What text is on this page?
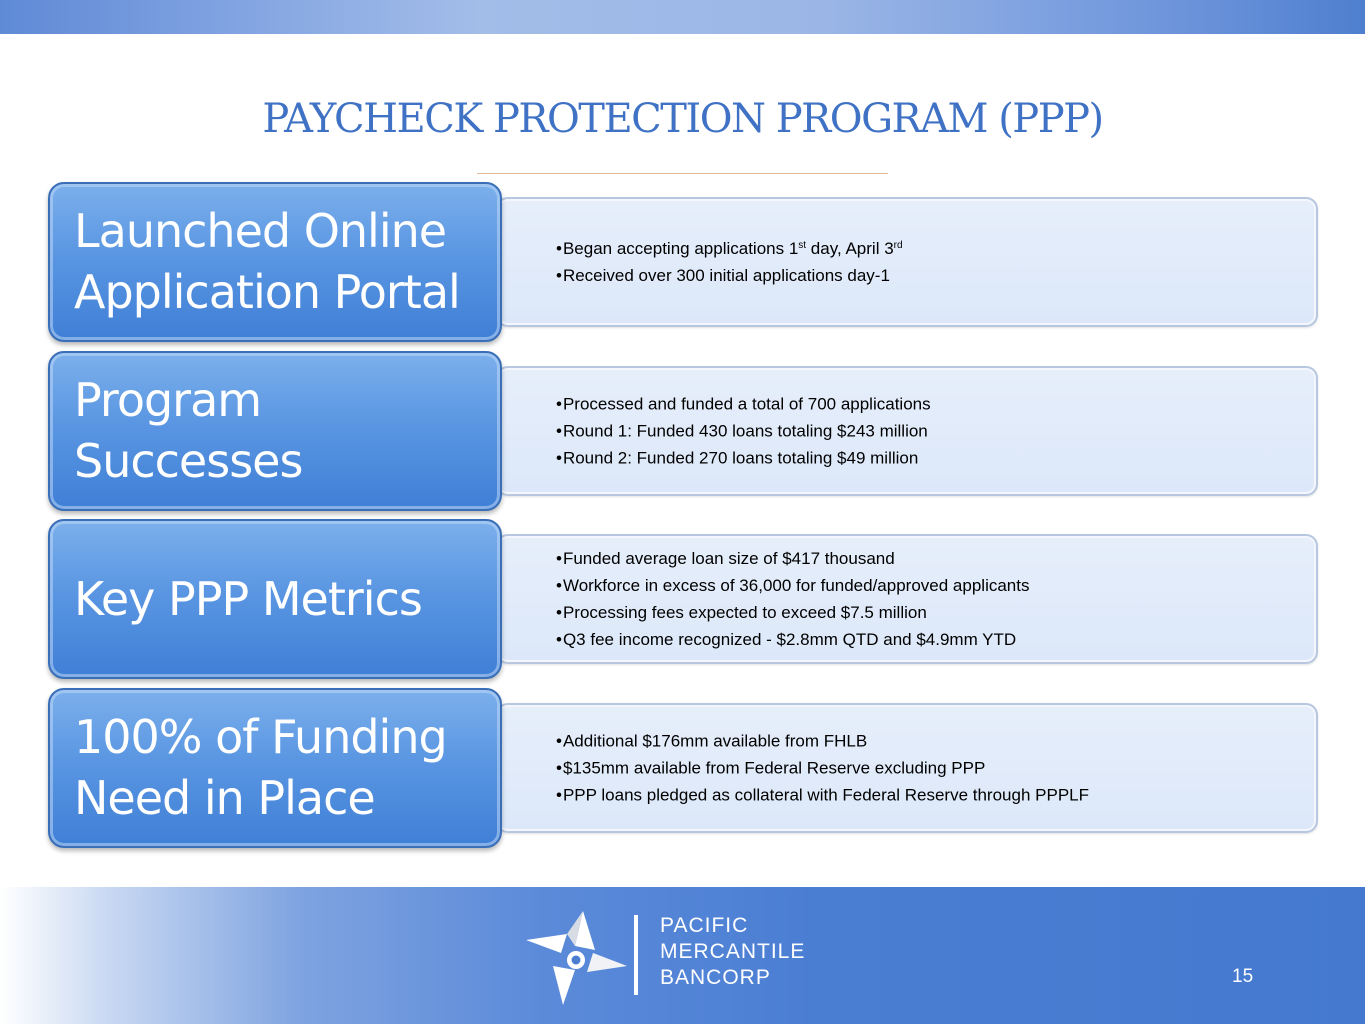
PAYCHECK PROTECTION PROGRAM (PPP)
•Began accepting applications 1st day, April 3rd
•Received over 300 initial applications day-1
Launched Online
Application Portal
•Processed and funded a total of 700 applications
•Round 1: Funded 430 loans totaling $243 million
•Round 2: Funded 270 loans totaling $49 million
Program
Successes
•Funded average loan size of $417 thousand
•Workforce in excess of 36,000 for funded/approved applicants
•Processing fees expected to exceed $7.5 million
•Q3 fee income recognized - $2.8mm QTD and $4.9mm YTD
Key PPP Metrics
•Additional $176mm available from FHLB
•$135mm available from Federal Reserve excluding PPP
•PPP loans pledged as collateral with Federal Reserve through PPPLF
100% of Funding
Need in Place
PACIFIC
MERCANTILE
BANCORP	15
